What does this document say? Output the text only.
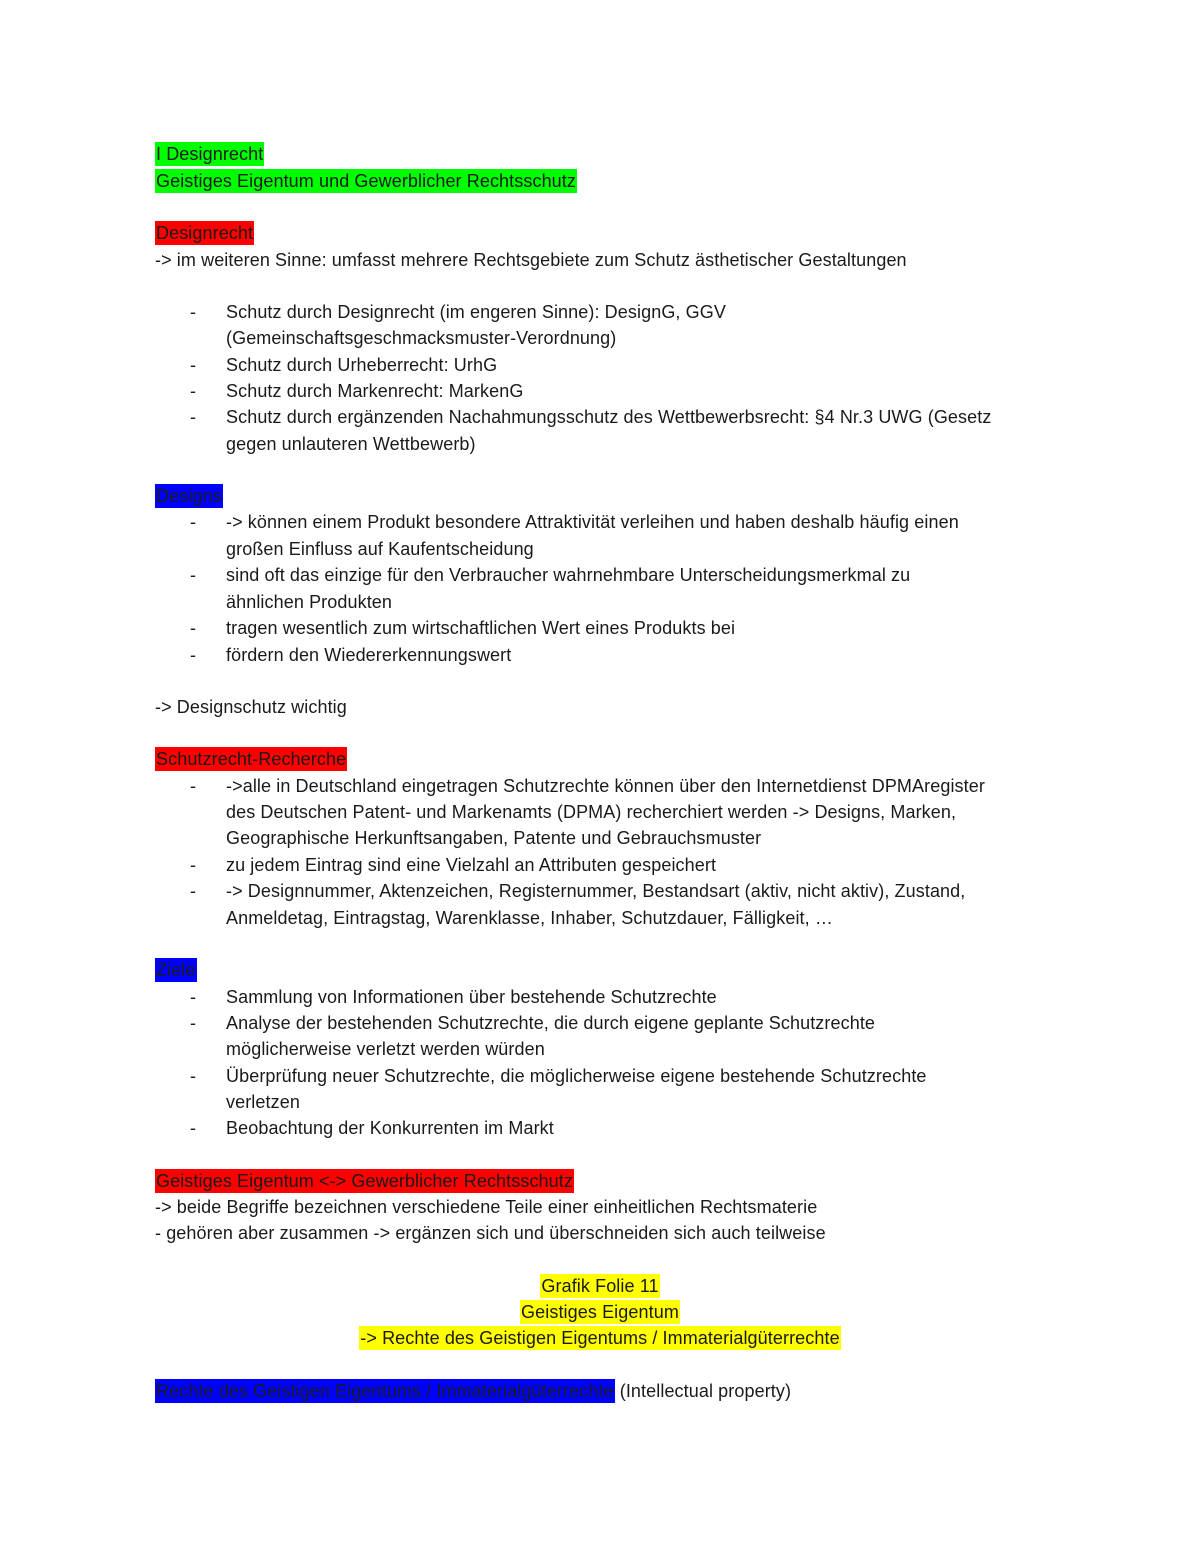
I Designrecht
Geistiges Eigentum und Gewerblicher Rechtsschutz
Designrecht
-> im weiteren Sinne: umfasst mehrere Rechtsgebiete zum Schutz ästhetischer Gestaltungen
- Schutz durch Designrecht (im engeren Sinne): DesignG, GGV
(Gemeinschaftsgeschmacksmuster-Verordnung)
- Schutz durch Urheberrecht: UrhG
- Schutz durch Markenrecht: MarkenG
- Schutz durch ergänzenden Nachahmungsschutz des Wettbewerbsrecht: §4 Nr.3 UWG (Gesetz
gegen unlauteren Wettbewerb)
Designs
- -> können einem Produkt besondere Attraktivität verleihen und haben deshalb häufig einen
großen Einfluss auf Kaufentscheidung
- sind oft das einzige für den Verbraucher wahrnehmbare Unterscheidungsmerkmal zu
ähnlichen Produkten
- tragen wesentlich zum wirtschaftlichen Wert eines Produkts bei
- fördern den Wiedererkennungswert
-> Designschutz wichtig
Schutzrecht-Recherche
- ->alle in Deutschland eingetragen Schutzrechte können über den Internetdienst DPMAregister
des Deutschen Patent- und Markenamts (DPMA) recherchiert werden -> Designs, Marken,
Geographische Herkunftsangaben, Patente und Gebrauchsmuster
- zu jedem Eintrag sind eine Vielzahl an Attributen gespeichert
- -> Designnummer, Aktenzeichen, Registernummer, Bestandsart (aktiv, nicht aktiv), Zustand,
Anmeldetag, Eintragstag, Warenklasse, Inhaber, Schutzdauer, Fälligkeit, …
Ziele
- Sammlung von Informationen über bestehende Schutzrechte
- Analyse der bestehenden Schutzrechte, die durch eigene geplante Schutzrechte
möglicherweise verletzt werden würden
- Überprüfung neuer Schutzrechte, die möglicherweise eigene bestehende Schutzrechte
verletzen
- Beobachtung der Konkurrenten im Markt
Geistiges Eigentum <-> Gewerblicher Rechtsschutz
-> beide Begriffe bezeichnen verschiedene Teile einer einheitlichen Rechtsmaterie
- gehören aber zusammen -> ergänzen sich und überschneiden sich auch teilweise
Grafik Folie 11
Geistiges Eigentum
-> Rechte des Geistigen Eigentums / Immaterialgüterrechte
Rechte des Geistigen Eigentums / Immaterialgüterrechte (Intellectual property)
